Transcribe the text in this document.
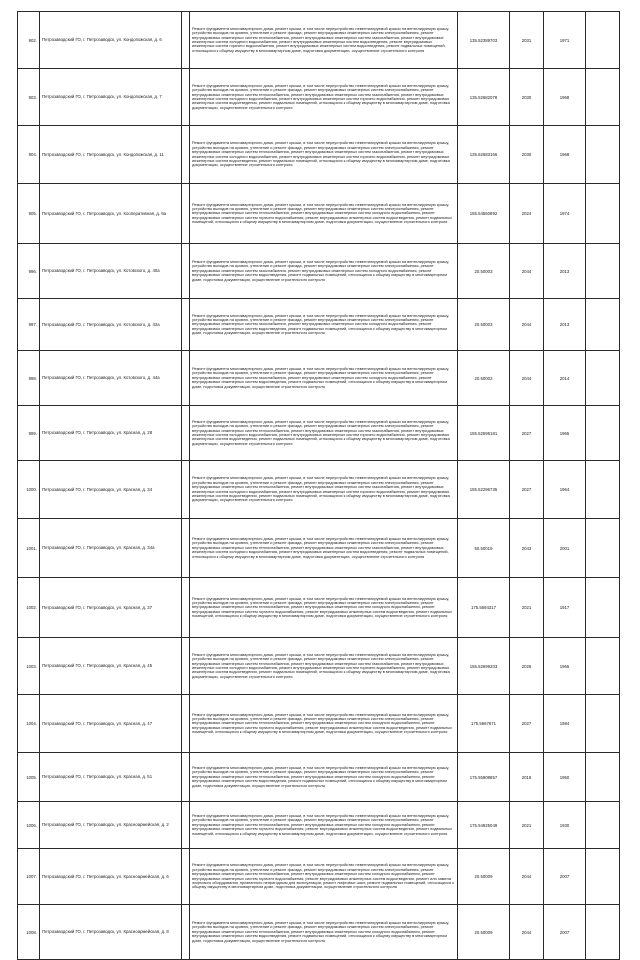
902.	Петрозаводский ГО, г. Петрозаводск, ул. Кондопожская, д. 6		Ремонт фундамента многоквартирного дома, ремонт крыши, в том числе переустройство невентилируемой крыши на вентилируемую крышу, устройство выходов на кровлю, утепление и ремонт фасада, ремонт внутридомовых инженерных систем электроснабжения, ремонт внутридомовых инженерных систем теплоснабжения, ремонт внутридомовых инженерных систем газоснабжения, ремонт внутридомовых инженерных систем холодного водоснабжения, ремонт внутридомовых инженерных систем водоотведения, ремонт внутридомовых инженерных систем горячего водоснабжения, ремонт внутридомовых инженерных систем водоотведения, ремонт подвальных помещений, относящихся к общему имуществу в многоквартирном доме, подготовка документации, осуществление строительного контроля	135.52389703	2031	1971	
903.	Петрозаводский ГО, г. Петрозаводск, ул. Кондопожская, д. 7		Ремонт фундамента многоквартирного дома, ремонт крыши, в том числе переустройство невентилируемой крыши на вентилируемую крышу, устройство выходов на кровлю, утепление и ремонт фасада, ремонт внутридомовых инженерных систем электроснабжения, ремонт внутридомовых инженерных систем теплоснабжения, ремонт внутридомовых инженерных систем газоснабжения, ремонт внутридомовых инженерных систем холодного водоснабжения, ремонт внутридомовых инженерных систем горячего водоснабжения, ремонт внутридомовых инженерных систем водоотведения, ремонт подвальных помещений, относящихся к общему имуществу в многоквартирном доме, подготовка документации, осуществление строительного контроля	135.52682078	2030	1968	
904.	Петрозаводский ГО, г. Петрозаводск, ул. Кондопожская, д. 11		Ремонт фундамента многоквартирного дома, ремонт крыши, в том числе переустройство невентилируемой крыши на вентилируемую крышу, устройство выходов на кровлю, утепление и ремонт фасада, ремонт внутридомовых инженерных систем электроснабжения, ремонт внутридомовых инженерных систем теплоснабжения, ремонт внутридомовых инженерных систем газоснабжения, ремонт внутридомовых инженерных систем холодного водоснабжения, ремонт внутридомовых инженерных систем горячего водоснабжения, ремонт внутридомовых инженерных систем водоотведения, ремонт подвальных помещений, относящихся к общему имуществу в многоквартирном доме, подготовка документации, осуществление строительного контроля	135.52683166	2030	1968	
905.	Петрозаводский ГО, г. Петрозаводск, ул. Кооперативная, д. 9а		Ремонт фундамента многоквартирного дома, ремонт крыши, в том числе переустройство невентилируемой крыши на вентилируемую крышу, устройство выходов на кровлю, утепление и ремонт фасада, ремонт внутридомовых инженерных систем электроснабжения, ремонт внутридомовых инженерных систем теплоснабжения, ремонт внутридомовых инженерных систем холодного водоснабжения, ремонт внутридомовых инженерных систем горячего водоснабжения, ремонт внутридомовых инженерных систем водоотведения, ремонт подвальных помещений, относящихся к общему имуществу в многоквартирном доме, подготовка документации, осуществление строительного контроля	155.54560892	2024	1974	
996.	Петрозаводский ГО, г. Петрозаводск, ул. Котовского, д. 40а		Ремонт фундамента многоквартирного дома, ремонт крыши, в том числе переустройство невентилируемой крыши на вентилируемую крышу, устройство выходов на кровлю, утепление и ремонт фасада, ремонт внутридомовых инженерных систем электроснабжения, ремонт внутридомовых инженерных систем газоснабжения, ремонт внутридомовых инженерных систем холодного водоснабжения, ремонт внутридомовых инженерных систем водоотведения, ремонт подвальных помещений, относящихся к общему имуществу в многоквартирном доме, подготовка документации, осуществление строительного контроля	20.50003	2044	2013	
997.	Петрозаводский ГО, г. Петрозаводск, ул. Котовского, д. 42а		Ремонт фундамента многоквартирного дома, ремонт крыши, в том числе переустройство невентилируемой крыши на вентилируемую крышу, устройство выходов на кровлю, утепление и ремонт фасада, ремонт внутридомовых инженерных систем электроснабжения, ремонт внутридомовых инженерных систем газоснабжения, ремонт внутридомовых инженерных систем холодного водоснабжения, ремонт внутридомовых инженерных систем водоотведения, ремонт подвальных помещений, относящихся к общему имуществу в многоквартирном доме, подготовка документации, осуществление строительного контроля	20.50003	2044	2013	
998.	Петрозаводский ГО, г. Петрозаводск, ул. Котовского, д. 44а		Ремонт фундамента многоквартирного дома, ремонт крыши, в том числе переустройство невентилируемой крыши на вентилируемую крышу, устройство выходов на кровлю, утепление и ремонт фасада, ремонт внутридомовых инженерных систем электроснабжения, ремонт внутридомовых инженерных систем газоснабжения, ремонт внутридомовых инженерных систем холодного водоснабжения, ремонт внутридомовых инженерных систем водоотведения, ремонт подвальных помещений, относящихся к общему имуществу в многоквартирном доме, подготовка документации, осуществление строительного контроля	20.50002	2044	2014	
999.	Петрозаводский ГО, г. Петрозаводск, ул. Красная, д. 28		Ремонт фундамента многоквартирного дома, ремонт крыши, в том числе переустройство невентилируемой крыши на вентилируемую крышу, устройство выходов на кровлю, утепление и ремонт фасада, ремонт внутридомовых инженерных систем электроснабжения, ремонт внутридомовых инженерных систем теплоснабжения, ремонт внутридомовых инженерных систем газоснабжения, ремонт внутридомовых инженерных систем холодного водоснабжения, ремонт внутридомовых инженерных систем горячего водоснабжения, ремонт внутридомовых инженерных систем водоотведения, ремонт подвальных помещений, относящихся к общему имуществу в многоквартирном доме, подготовка документации, осуществление строительного контроля	155.52595181	2027	1965	
1000.	Петрозаводский ГО, г. Петрозаводск, ул. Красная, д. 34		Ремонт фундамента многоквартирного дома, ремонт крыши, в том числе переустройство невентилируемой крыши на вентилируемую крышу, устройство выходов на кровлю, утепление и ремонт фасада, ремонт внутридомовых инженерных систем электроснабжения, ремонт внутридомовых инженерных систем теплоснабжения, ремонт внутридомовых инженерных систем газоснабжения, ремонт внутридомовых инженерных систем холодного водоснабжения, ремонт внутридомовых инженерных систем горячего водоснабжения, ремонт внутридомовых инженерных систем водоотведения, ремонт подвальных помещений, относящихся к общему имуществу в многоквартирном доме, подготовка документации, осуществление строительного контроля	155.52296735	2027	1964	
1001.	Петрозаводский ГО, г. Петрозаводск, ул. Красная, д. 34а		Ремонт фундамента многоквартирного дома, ремонт крыши, в том числе переустройство невентилируемой крыши на вентилируемую крышу, устройство выходов на кровлю, утепление и ремонт фасада, ремонт внутридомовых инженерных систем электроснабжения, ремонт внутридомовых инженерных систем теплоснабжения, ремонт внутридомовых инженерных систем газоснабжения, ремонт внутридомовых инженерных систем холодного водоснабжения, ремонт внутридомовых инженерных систем водоотведения, ремонт подвальных помещений, относящихся к общему имуществу в многоквартирном доме, подготовка документации, осуществление строительного контроля	50.50019	2043	2001	
1002.	Петрозаводский ГО, г. Петрозаводск, ул. Красная, д. 37		Ремонт фундамента многоквартирного дома, ремонт крыши, в том числе переустройство невентилируемой крыши на вентилируемую крышу, устройство выходов на кровлю, утепление и ремонт фасада, ремонт внутридомовых инженерных систем электроснабжения, ремонт внутридомовых инженерных систем теплоснабжения, ремонт внутридомовых инженерных систем холодного водоснабжения, ремонт внутридомовых инженерных систем горячего водоснабжения, ремонт внутридомовых инженерных систем водоотведения, ремонт подвальных помещений, относящихся к общему имуществу в многоквартирном доме, подготовка документации, осуществление строительного контроля	175.5694317	2021	1917	
1003.	Петрозаводский ГО, г. Петрозаводск, ул. Красная, д. 45		Ремонт фундамента многоквартирного дома, ремонт крыши, в том числе переустройство невентилируемой крыши на вентилируемую крышу, устройство выходов на кровлю, утепление и ремонт фасада, ремонт внутридомовых инженерных систем электроснабжения, ремонт внутридомовых инженерных систем теплоснабжения, ремонт внутридомовых инженерных систем газоснабжения, ремонт внутридомовых инженерных систем холодного водоснабжения, ремонт внутридомовых инженерных систем горячего водоснабжения, ремонт внутридомовых инженерных систем водоотведения, ремонт подвальных помещений, относящихся к общему имуществу в многоквартирном доме, подготовка документации, осуществление строительного контроля	155.52699203	2026	1965	
1004.	Петрозаводский ГО, г. Петрозаводск, ул. Красная, д. 47		Ремонт фундамента многоквартирного дома, ремонт крыши, в том числе переустройство невентилируемой крыши на вентилируемую крышу, устройство выходов на кровлю, утепление и ремонт фасада, ремонт внутридомовых инженерных систем электроснабжения, ремонт внутридомовых инженерных систем теплоснабжения, ремонт внутридомовых инженерных систем холодного водоснабжения, ремонт внутридомовых инженерных систем горячего водоснабжения, ремонт внутридомовых инженерных систем водоотведения, ремонт подвальных помещений, относящихся к общему имуществу в многоквартирном доме, подготовка документации, осуществление строительного контроля	175.5667671	2027	1984	
1005.	Петрозаводский ГО, г. Петрозаводск, ул. Красная, д. 51		Ремонт фундамента многоквартирного дома, ремонт крыши, в том числе переустройство невентилируемой крыши на вентилируемую крышу, устройство выходов на кровлю, утепление и ремонт фасада, ремонт внутридомовых инженерных систем электроснабжения, ремонт внутридомовых инженерных систем теплоснабжения, ремонт внутридомовых инженерных систем холодного водоснабжения, ремонт внутридомовых инженерных систем водоотведения, ремонт подвальных помещений, относящихся к общему имуществу в многоквартирном доме, подготовка документации, осуществление строительного контроля	175.55908857	2019	1950	
1006.	Петрозаводский ГО, г. Петрозаводск, ул. Красноармейская, д. 2		Ремонт фундамента многоквартирного дома, ремонт крыши, в том числе переустройство невентилируемой крыши на вентилируемую крышу, устройство выходов на кровлю, утепление и ремонт фасада, ремонт внутридомовых инженерных систем электроснабжения, ремонт внутридомовых инженерных систем теплоснабжения, ремонт внутридомовых инженерных систем холодного водоснабжения, ремонт внутридомовых инженерных систем горячего водоснабжения, ремонт внутридомовых инженерных систем водоотведения, ремонт подвальных помещений, относящихся к общему имуществу в многоквартирном доме, подготовка документации, осуществление строительного контроля	175.54925049	2021	1930	
1007.	Петрозаводский ГО, г. Петрозаводск, ул. Красноармейская, д. 6		Ремонт фундамента многоквартирного дома, ремонт крыши, в том числе переустройство невентилируемой крыши на вентилируемую крышу, устройство выходов на кровлю, утепление и ремонт фасада, ремонт внутридомовых инженерных систем электроснабжения, ремонт внутридомовых инженерных систем теплоснабжения, ремонт внутридомовых инженерных систем холодного водоснабжения, ремонт внутридомовых инженерных систем горячего водоснабжения, ремонт внутридомовых инженерных систем водоотведения, ремонт или замена лифтового оборудования, признанного непригодным для эксплуатации, ремонт лифтовых шахт, ремонт подвальных помещений, относящихся к общему имуществу в многоквартирном доме, подготовка документации, осуществление строительного контроля	20.50009	2044	2007	
1008.	Петрозаводский ГО, г. Петрозаводск, ул. Красноармейская, д. 8		Ремонт фундамента многоквартирного дома, ремонт крыши, в том числе переустройство невентилируемой крыши на вентилируемую крышу, устройство выходов на кровлю, утепление и ремонт фасада, ремонт внутридомовых инженерных систем электроснабжения, ремонт внутридомовых инженерных систем теплоснабжения, ремонт внутридомовых инженерных систем холодного водоснабжения, ремонт внутридомовых инженерных систем водоотведения, ремонт подвальных помещений, относящихся к общему имуществу в многоквартирном доме, подготовка документации, осуществление строительного контроля	20.50009	2044	2007	
